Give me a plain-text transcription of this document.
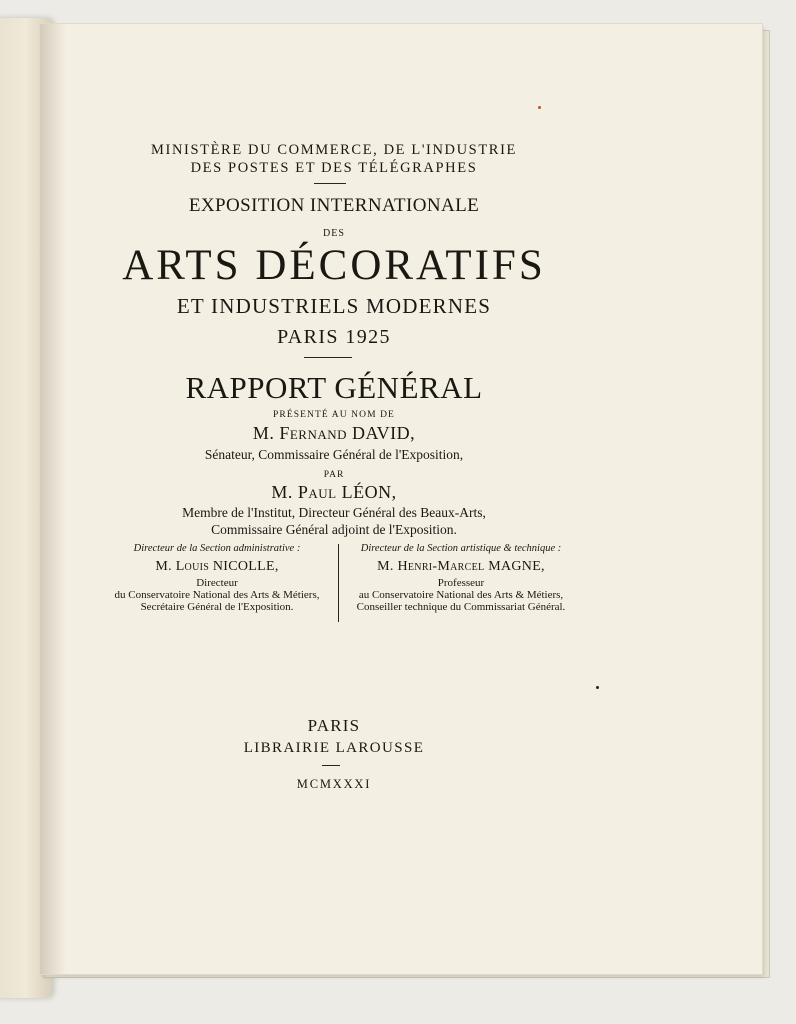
MINISTÈRE DU COMMERCE, DE L'INDUSTRIE
DES POSTES ET DES TÉLÉGRAPHES
EXPOSITION INTERNATIONALE
DES
ARTS DÉCORATIFS
ET INDUSTRIELS MODERNES
PARIS 1925
RAPPORT GÉNÉRAL
PRÉSENTÉ AU NOM DE
M. Fernand DAVID,
Sénateur, Commissaire Général de l'Exposition,
PAR
M. Paul LÉON,
Membre de l'Institut, Directeur Général des Beaux-Arts,
Commissaire Général adjoint de l'Exposition.
Directeur de la Section administrative :
M. Louis NICOLLE,
Directeur
du Conservatoire National des Arts & Métiers,
Secrétaire Général de l'Exposition.
Directeur de la Section artistique & technique :
M. Henri-Marcel MAGNE,
Professeur
au Conservatoire National des Arts & Métiers,
Conseiller technique du Commissariat Général.
PARIS
LIBRAIRIE LAROUSSE
MCMXXXI
